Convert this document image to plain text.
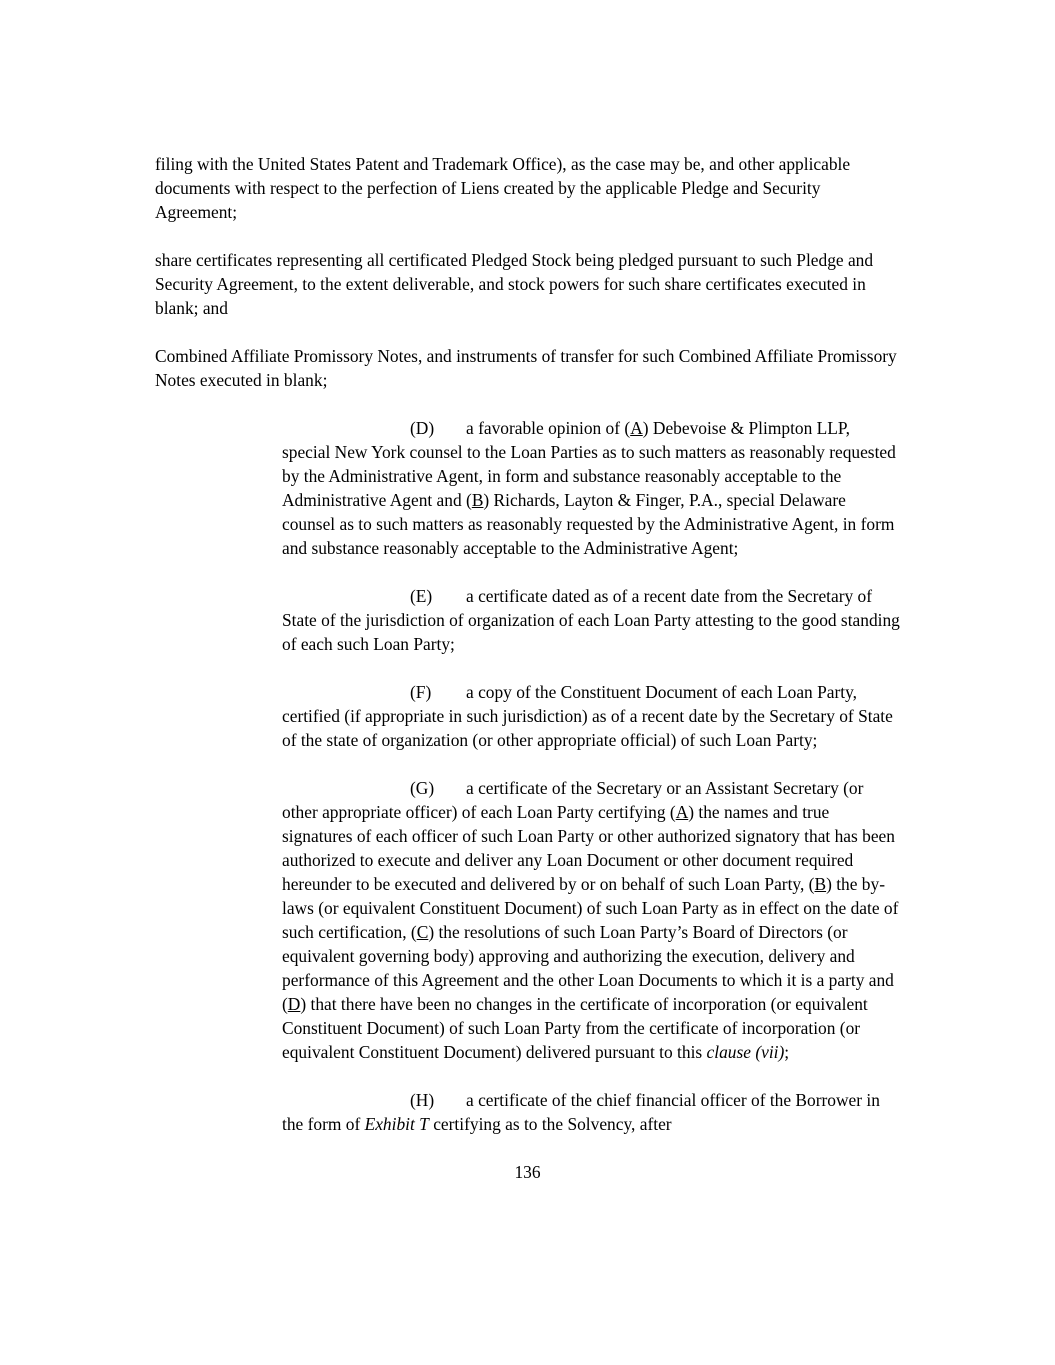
filing with the United States Patent and Trademark Office), as the case may be, and other applicable documents with respect to the perfection of Liens created by the applicable Pledge and Security Agreement;

share certificates representing all certificated Pledged Stock being pledged pursuant to such Pledge and Security Agreement, to the extent deliverable, and stock powers for such share certificates executed in blank; and

Combined Affiliate Promissory Notes, and instruments of transfer for such Combined Affiliate Promissory Notes executed in blank;

(D) a favorable opinion of (A) Debevoise & Plimpton LLP, special New York counsel to the Loan Parties as to such matters as reasonably requested by the Administrative Agent, in form and substance reasonably acceptable to the Administrative Agent and (B) Richards, Layton & Finger, P.A., special Delaware counsel as to such matters as reasonably requested by the Administrative Agent, in form and substance reasonably acceptable to the Administrative Agent;

(E) a certificate dated as of a recent date from the Secretary of State of the jurisdiction of organization of each Loan Party attesting to the good standing of each such Loan Party;

(F) a copy of the Constituent Document of each Loan Party, certified (if appropriate in such jurisdiction) as of a recent date by the Secretary of State of the state of organization (or other appropriate official) of such Loan Party;

(G) a certificate of the Secretary or an Assistant Secretary (or other appropriate officer) of each Loan Party certifying (A) the names and true signatures of each officer of such Loan Party or other authorized signatory that has been authorized to execute and deliver any Loan Document or other document required hereunder to be executed and delivered by or on behalf of such Loan Party, (B) the by-laws (or equivalent Constituent Document) of such Loan Party as in effect on the date of such certification, (C) the resolutions of such Loan Party’s Board of Directors (or equivalent governing body) approving and authorizing the execution, delivery and performance of this Agreement and the other Loan Documents to which it is a party and (D) that there have been no changes in the certificate of incorporation (or equivalent Constituent Document) of such Loan Party from the certificate of incorporation (or equivalent Constituent Document) delivered pursuant to this clause (vii);

(H) a certificate of the chief financial officer of the Borrower in the form of Exhibit T certifying as to the Solvency, after

136
